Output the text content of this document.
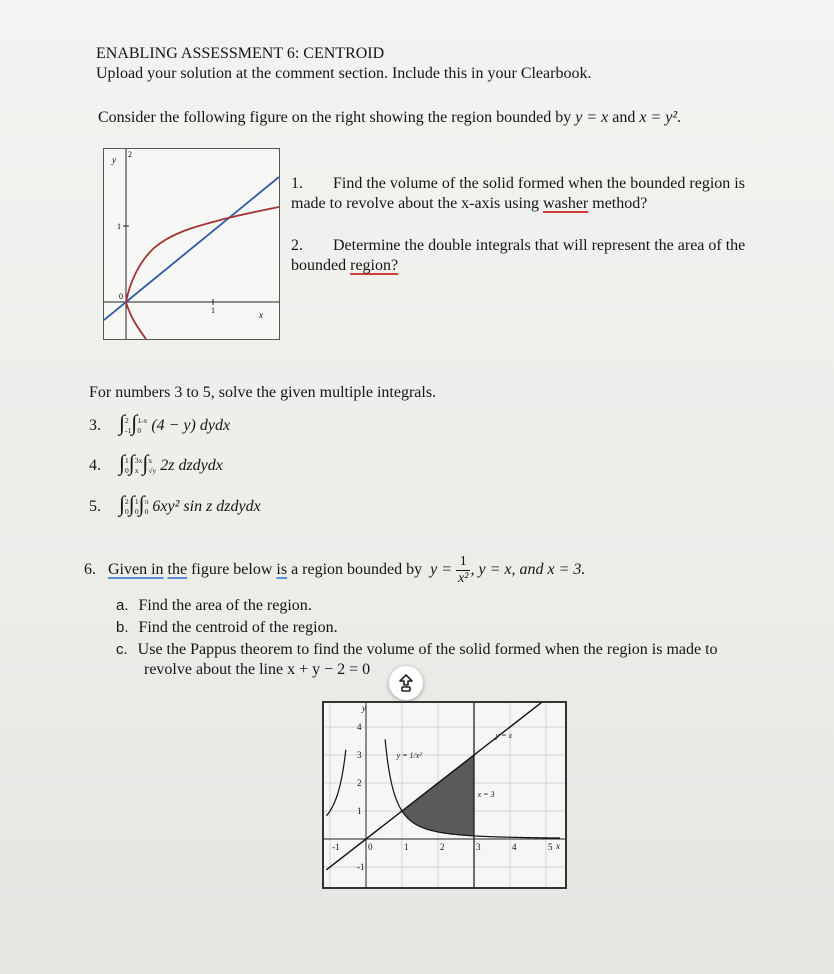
ENABLING ASSESSMENT 6: CENTROID
Upload your solution at the comment section. Include this in your Clearbook.
Consider the following figure on the right showing the region bounded by y = x and x = y².
y
2
1
0
1	x
1. Find the volume of the solid formed when the bounded region is
made to revolve about the x-axis using washer method?
2. Determine the double integrals that will represent the area of the
bounded region?
For numbers 3 to 5, solve the given multiple integrals.
3. ∫ 2
-1 ∫ 1-x
0 (4 − y) dydx
4. ∫ 1
0 ∫ 3x
x ∫ x
√y 2z dzdydx
5. ∫ 2
0 ∫ 1
0 ∫ π
0 6xy² sin z dzdydx
6. Given in the figure below is a region bounded by $y = \frac{1}{\text{x²}}$ , y = x, and x = 3.
a. Find the area of the region.
b. Find the centroid of the region.
c. Use the Pappus theorem to find the volume of the solid formed when the region is made to
revolve about the line x + y − 2 = 0
-1	0	1	2	3	4	5
-1
1
2
3
4
y
x
y = 1/x²
y = x
x = 3
